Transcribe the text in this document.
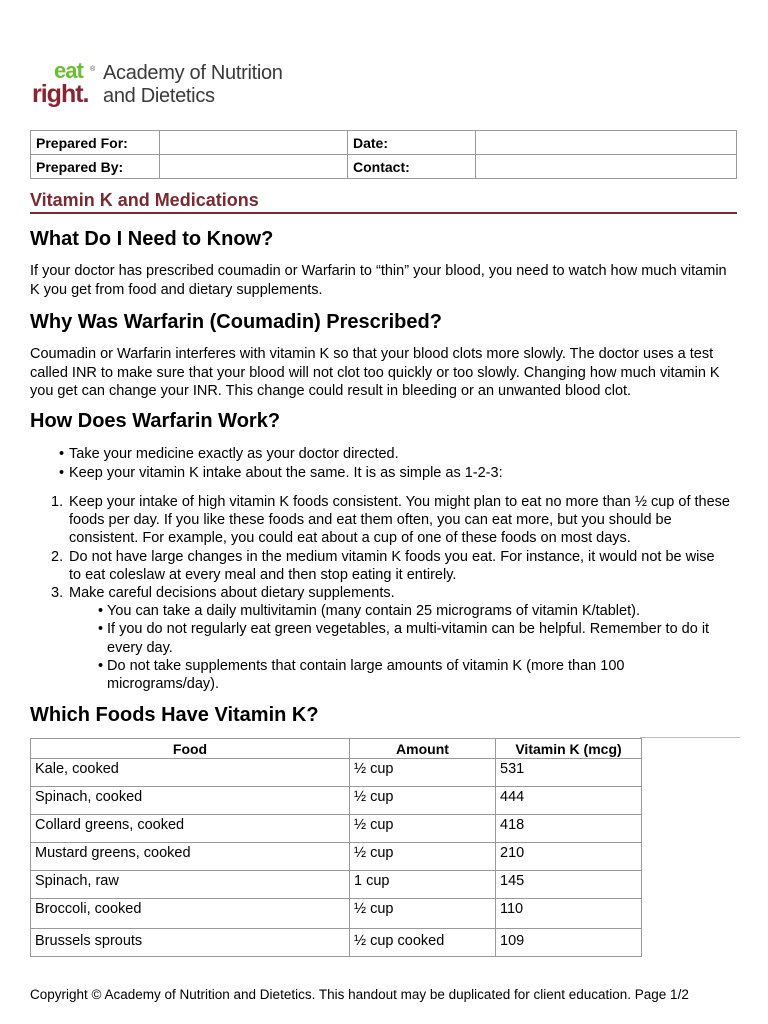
eat ®
right.
Academy of Nutrition
and Dietetics
Prepared For:		Date:	
Prepared By:		Contact:	
Vitamin K and Medications
What Do I Need to Know?

If your doctor has prescribed coumadin or Warfarin to “thin” your blood, you need to watch how much vitamin K you get from food and dietary supplements.

Why Was Warfarin (Coumadin) Prescribed?

Coumadin or Warfarin interferes with vitamin K so that your blood clots more slowly. The doctor uses a test called INR to make sure that your blood will not clot too quickly or too slowly. Changing how much vitamin K you get can change your INR. This change could result in bleeding or an unwanted blood clot.

How Does Warfarin Work?
• Take your medicine exactly as your doctor directed.
• Keep your vitamin K intake about the same. It is as simple as 1-2-3:
1. Keep your intake of high vitamin K foods consistent. You might plan to eat no more than ½ cup of these foods per day. If you like these foods and eat them often, you can eat more, but you should be consistent. For example, you could eat about a cup of one of these foods on most days.
2. Do not have large changes in the medium vitamin K foods you eat. For instance, it would not be wise to eat coleslaw at every meal and then stop eating it entirely.
3. Make careful decisions about dietary supplements.
• You can take a daily multivitamin (many contain 25 micrograms of vitamin K/tablet).
• If you do not regularly eat green vegetables, a multi-vitamin can be helpful. Remember to do it every day.
• Do not take supplements that contain large amounts of vitamin K (more than 100 micrograms/day).
Which Foods Have Vitamin K?
Food	Amount	Vitamin K (mcg)
Kale, cooked	½ cup	531
Spinach, cooked	½ cup	444
Collard greens, cooked	½ cup	418
Mustard greens, cooked	½ cup	210
Spinach, raw	1 cup	145
Broccoli, cooked	½ cup	110
Brussels sprouts	½ cup cooked	109
Copyright © Academy of Nutrition and Dietetics. This handout may be duplicated for client education. Page 1/2
